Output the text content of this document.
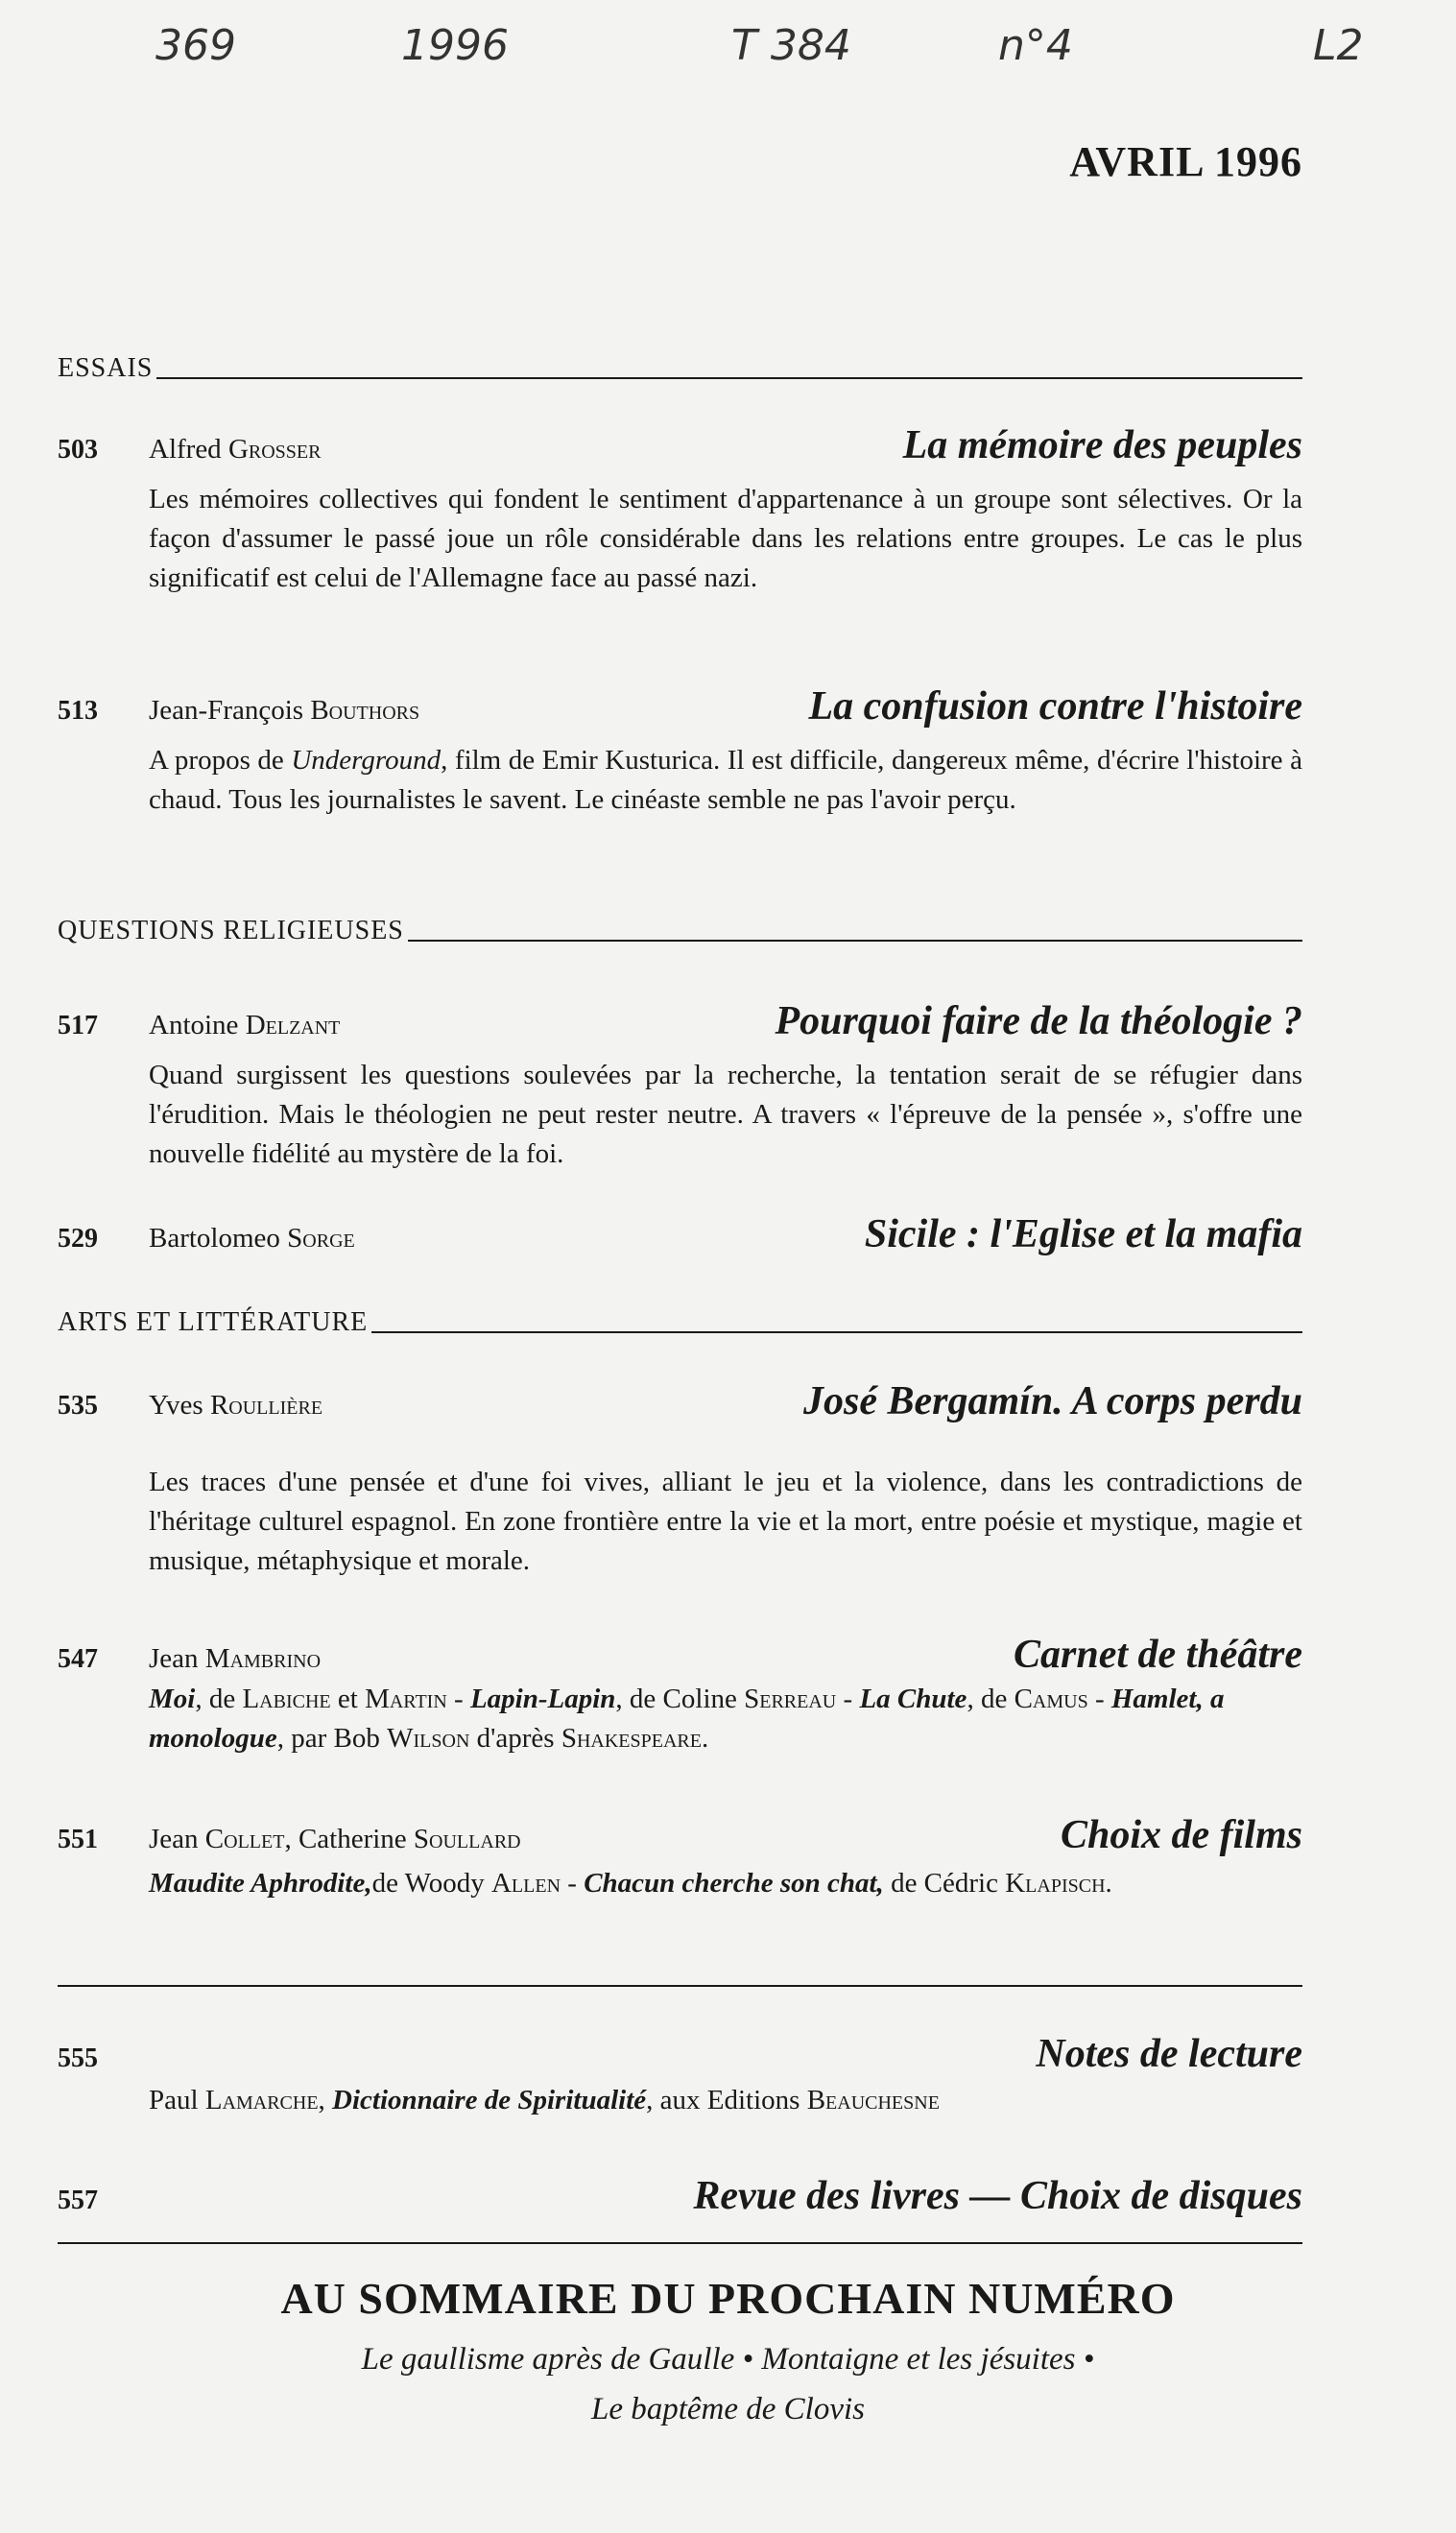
369	1996	T 384	n°4	L2
AVRIL 1996
ESSAIS
503	Alfred Grosser	La mémoire des peuples
Les mémoires collectives qui fondent le sentiment d'appartenance à un groupe sont sélectives. Or la façon d'assumer le passé joue un rôle considérable dans les relations entre groupes. Le cas le plus significatif est celui de l'Allemagne face au passé nazi.
513	Jean-François Bouthors	La confusion contre l'histoire
A propos de Underground, film de Emir Kusturica. Il est difficile, dangereux même, d'écrire l'histoire à chaud. Tous les journalistes le savent. Le cinéaste semble ne pas l'avoir perçu.
QUESTIONS RELIGIEUSES
517	Antoine Delzant	Pourquoi faire de la théologie ?
Quand surgissent les questions soulevées par la recherche, la tentation serait de se réfugier dans l'érudition. Mais le théologien ne peut rester neutre. A travers « l'épreuve de la pensée », s'offre une nouvelle fidélité au mystère de la foi.
529	Bartolomeo Sorge	Sicile : l'Eglise et la mafia
ARTS ET LITTÉRATURE
535	Yves Roullière	José Bergamín. A corps perdu
Les traces d'une pensée et d'une foi vives, alliant le jeu et la violence, dans les contradictions de l'héritage culturel espagnol. En zone frontière entre la vie et la mort, entre poésie et mystique, magie et musique, métaphysique et morale.
547	Jean Mambrino	Carnet de théâtre
Moi, de Labiche et Martin - Lapin-Lapin, de Coline Serreau - La Chute, de Camus - Hamlet, a monologue, par Bob Wilson d'après Shakespeare.
551	Jean Collet, Catherine Soullard	Choix de films
Maudite Aphrodite,de Woody Allen - Chacun cherche son chat, de Cédric Klapisch.
555	Notes de lecture
Paul Lamarche, Dictionnaire de Spiritualité, aux Editions Beauchesne
557	Revue des livres — Choix de disques
AU SOMMAIRE DU PROCHAIN NUMÉRO
Le gaullisme après de Gaulle • Montaigne et les jésuites •
Le baptême de Clovis
